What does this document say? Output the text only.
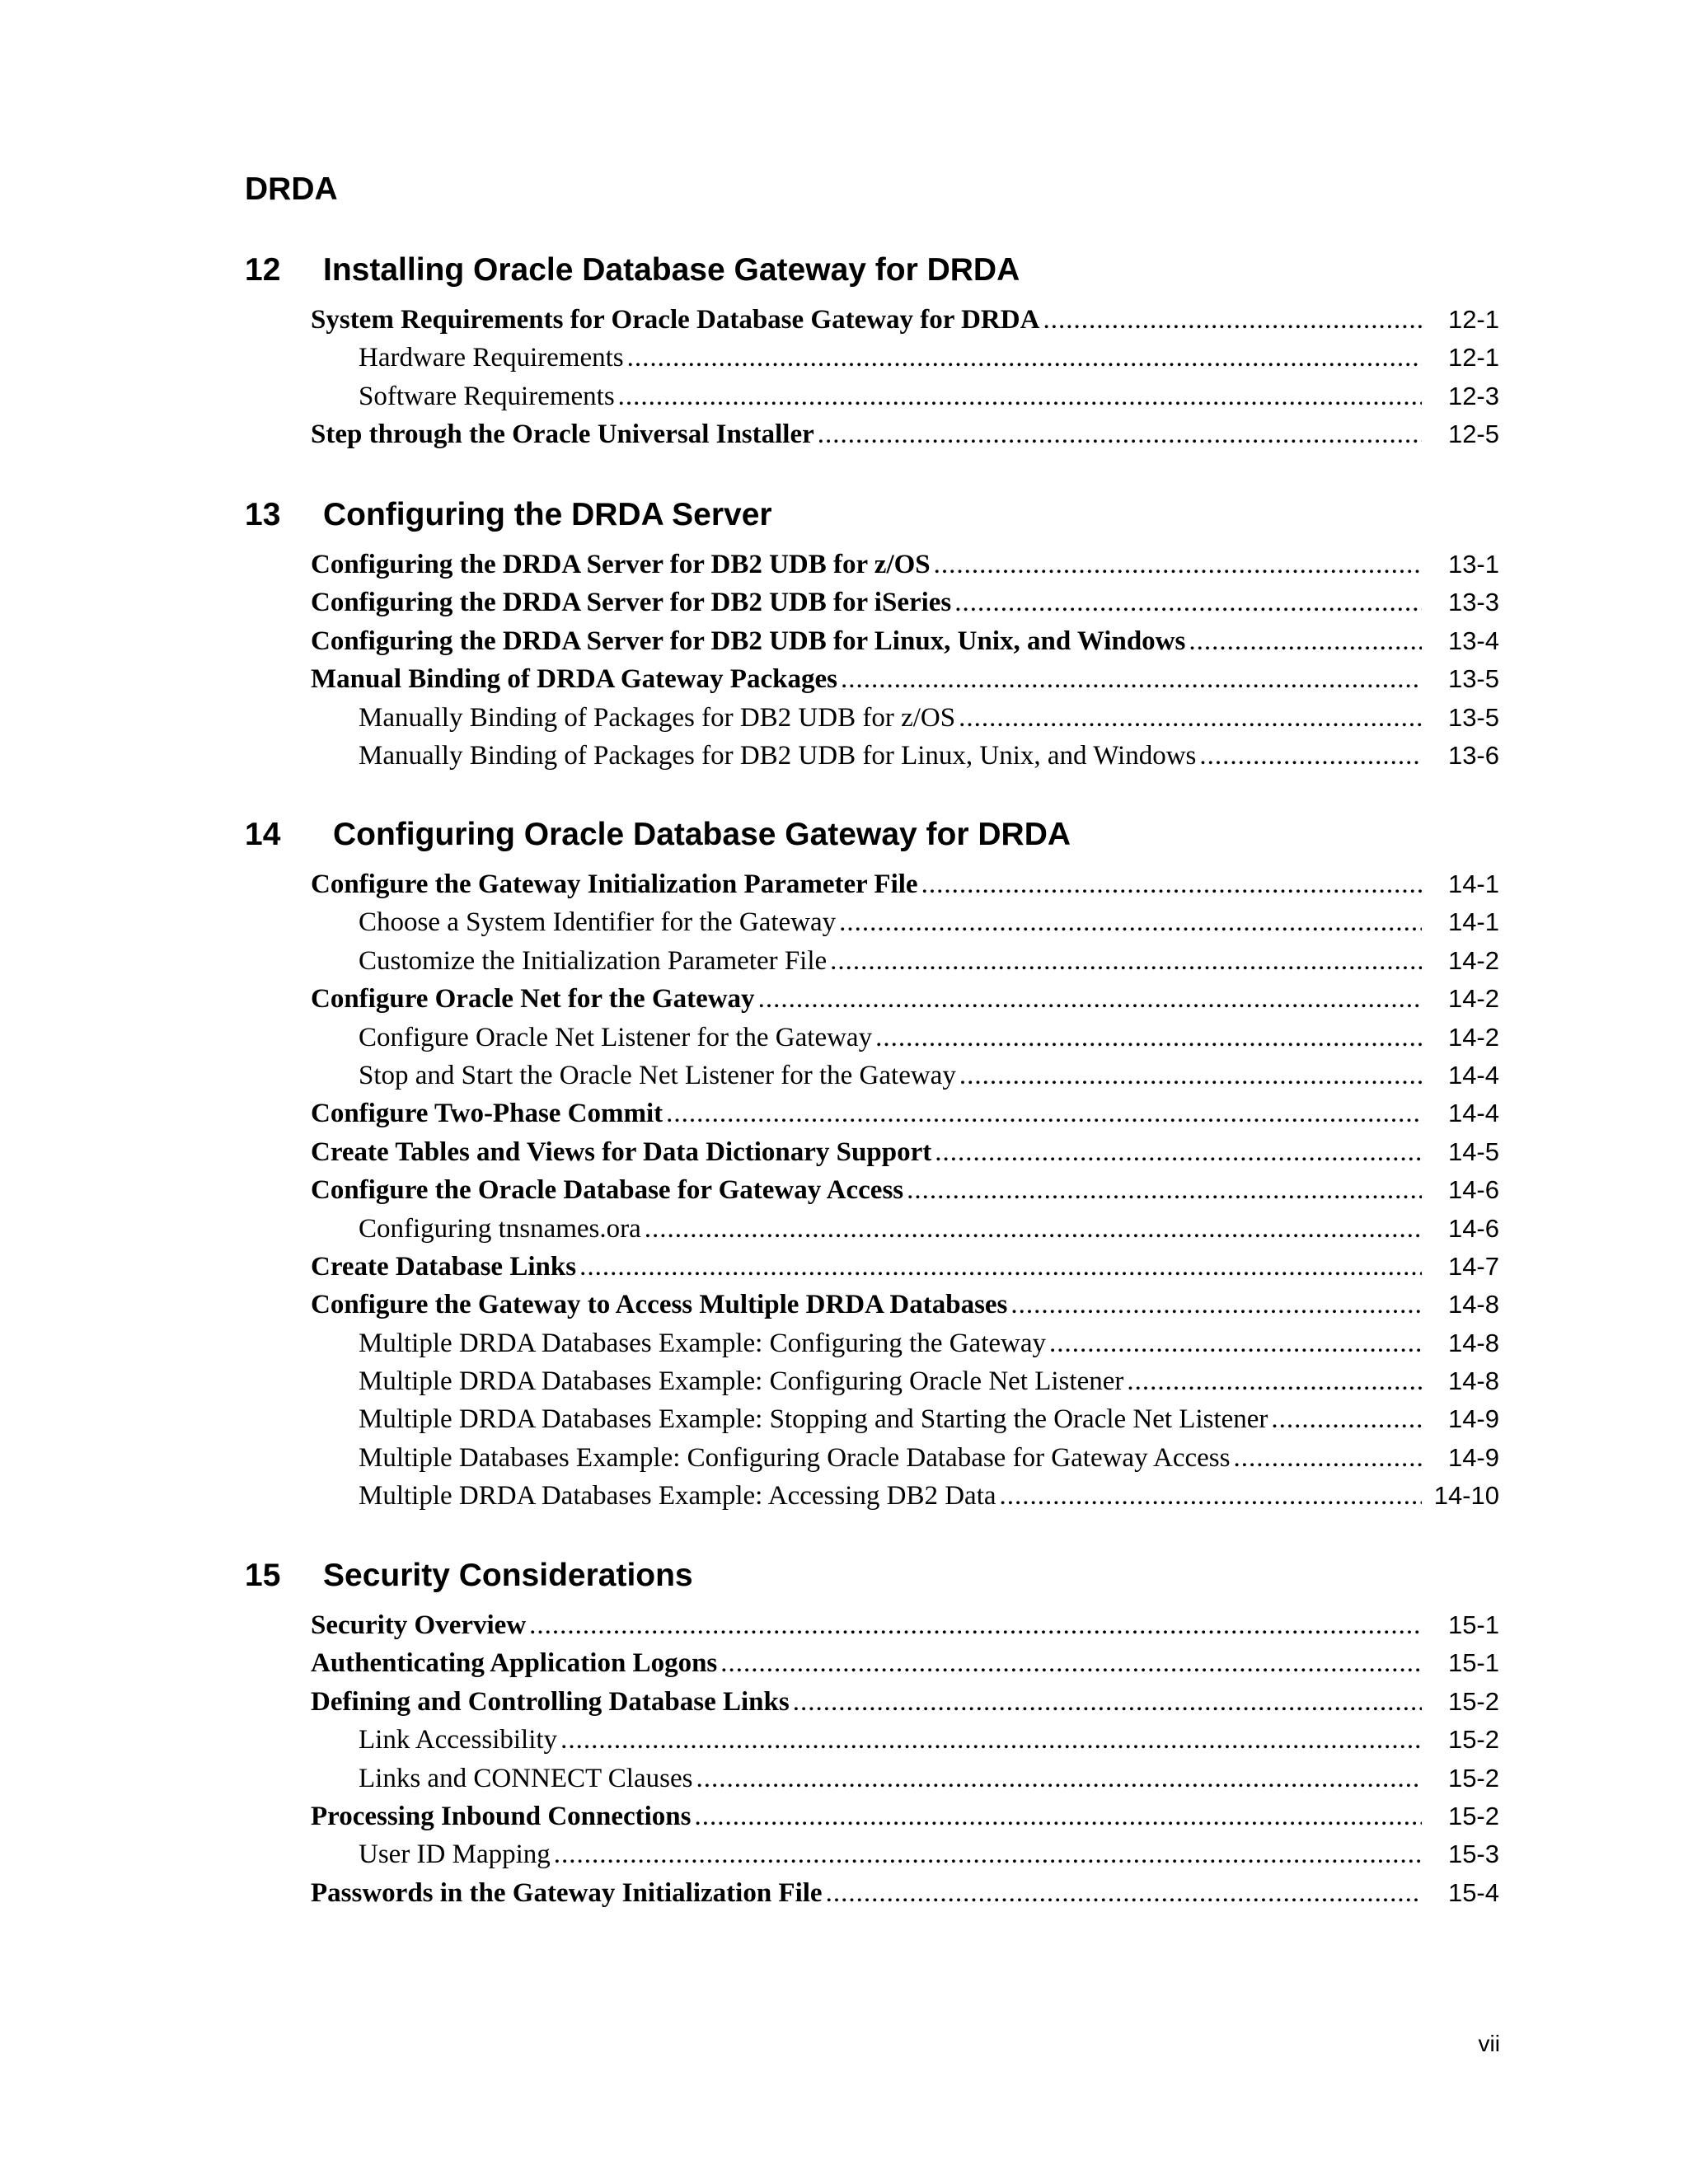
DRDA
12	Installing Oracle Database Gateway for DRDA
System Requirements for Oracle Database Gateway for DRDA .....	12-1
Hardware Requirements .....	12-1
Software Requirements .....	12-3
Step through the Oracle Universal Installer .....	12-5
13	Configuring the DRDA Server
Configuring the DRDA Server for DB2 UDB for z/OS .....	13-1
Configuring the DRDA Server for DB2 UDB for iSeries .....	13-3
Configuring the DRDA Server for DB2 UDB for Linux, Unix, and Windows .....	13-4
Manual Binding of DRDA Gateway Packages .....	13-5
Manually Binding of Packages for DB2 UDB for z/OS .....	13-5
Manually Binding of Packages for DB2 UDB for Linux, Unix, and Windows .....	13-6
14	Configuring Oracle Database Gateway for DRDA
Configure the Gateway Initialization Parameter File .....	14-1
Choose a System Identifier for the Gateway .....	14-1
Customize the Initialization Parameter File .....	14-2
Configure Oracle Net for the Gateway .....	14-2
Configure Oracle Net Listener for the Gateway .....	14-2
Stop and Start the Oracle Net Listener for the Gateway .....	14-4
Configure Two-Phase Commit .....	14-4
Create Tables and Views for Data Dictionary Support .....	14-5
Configure the Oracle Database for Gateway Access .....	14-6
Configuring tnsnames.ora .....	14-6
Create Database Links .....	14-7
Configure the Gateway to Access Multiple DRDA Databases .....	14-8
Multiple DRDA Databases Example: Configuring the Gateway .....	14-8
Multiple DRDA Databases Example: Configuring Oracle Net Listener .....	14-8
Multiple DRDA Databases Example: Stopping and Starting the Oracle Net Listener .....	14-9
Multiple Databases Example: Configuring Oracle Database for Gateway Access .....	14-9
Multiple DRDA Databases Example: Accessing DB2 Data .....	14-10
15	Security Considerations
Security Overview .....	15-1
Authenticating Application Logons .....	15-1
Defining and Controlling Database Links .....	15-2
Link Accessibility .....	15-2
Links and CONNECT Clauses .....	15-2
Processing Inbound Connections .....	15-2
User ID Mapping .....	15-3
Passwords in the Gateway Initialization File .....	15-4
vii
